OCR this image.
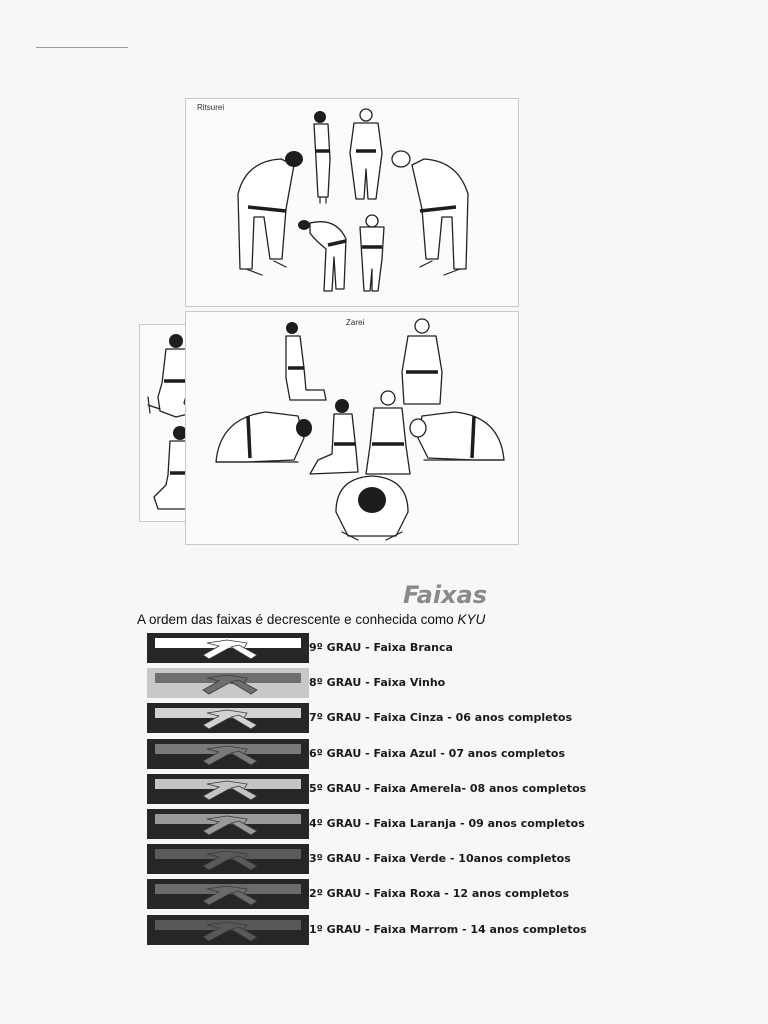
Ritsurei
Zarei
Faixas
A ordem das faixas é decrescente e conhecida como KYU
9º GRAU - Faixa Branca
8º GRAU - Faixa Vinho
7º GRAU - Faixa Cinza - 06 anos completos
6º GRAU - Faixa Azul - 07 anos completos
5º GRAU - Faixa Amerela- 08 anos completos
4º GRAU - Faixa Laranja - 09 anos completos
3º GRAU - Faixa Verde - 10anos completos
2º GRAU - Faixa Roxa - 12 anos completos
1º GRAU - Faixa Marrom - 14 anos completos
